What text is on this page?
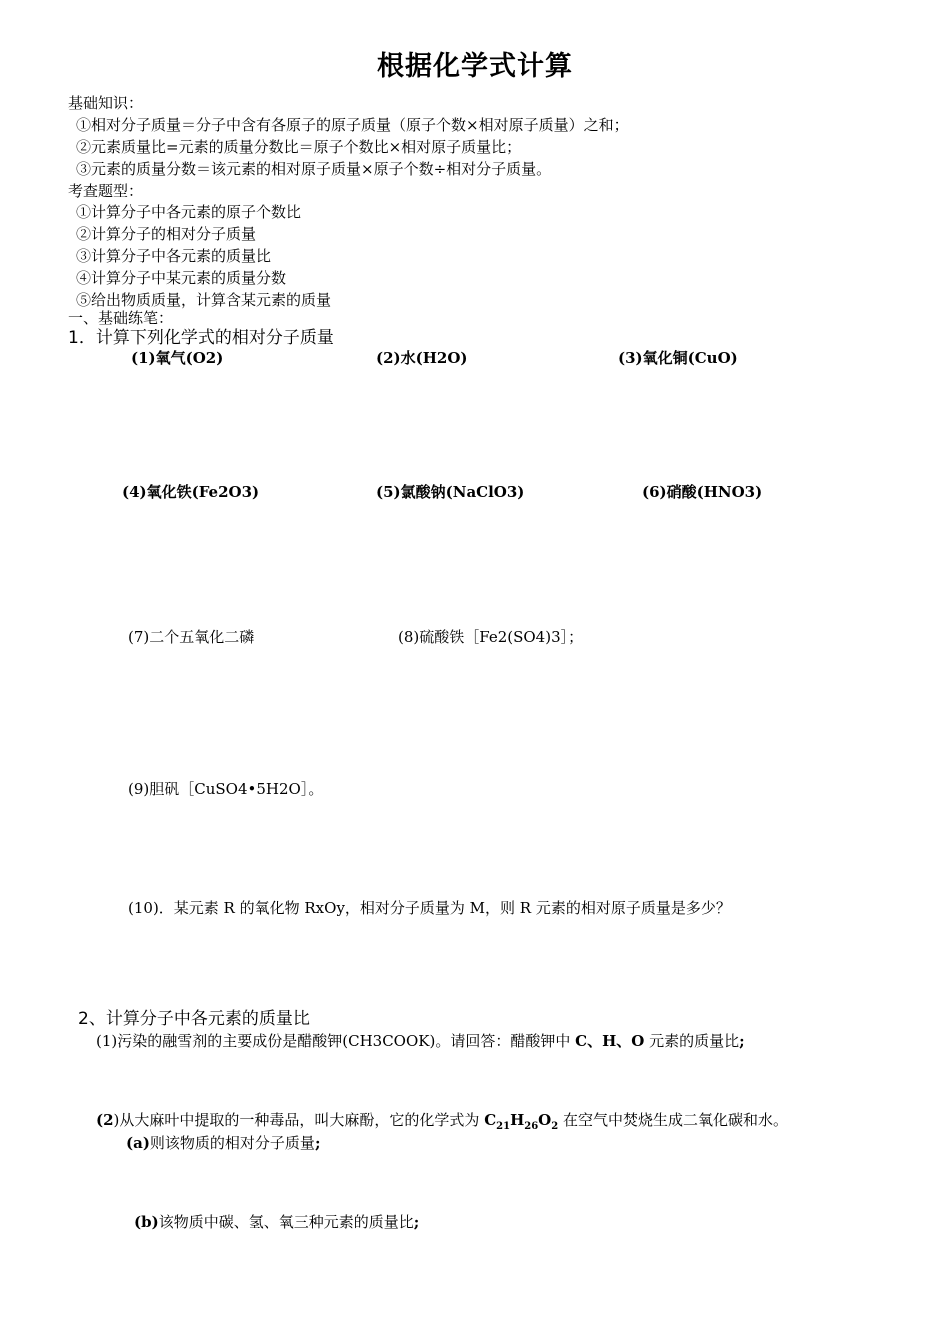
根据化学式计算
基础知识：
①相对分子质量＝分子中含有各原子的原子质量（原子个数×相对原子质量）之和；
②元素质量比=元素的质量分数比＝原子个数比×相对原子质量比；
③元素的质量分数＝该元素的相对原子质量×原子个数÷相对分子质量。
考查题型：
①计算分子中各元素的原子个数比
②计算分子的相对分子质量
③计算分子中各元素的质量比
④计算分子中某元素的质量分数
⑤给出物质质量，计算含某元素的质量
一、基础练笔：
1．计算下列化学式的相对分子质量
(1)氧气(O2)	(2)水(H2O)	(3)氧化铜(CuO)
(4)氧化铁(Fe2O3)	(5)氯酸钠(NaClO3)	(6)硝酸(HNO3)
(7)二个五氧化二磷	(8)硫酸铁［Fe2(SO4)3］；
(9)胆矾［CuSO4•5H2O］。
(10)．某元素 R 的氧化物 RxOy，相对分子质量为 M，则 R 元素的相对原子质量是多少？
2、计算分子中各元素的质量比
(1)污染的融雪剂的主要成份是醋酸钾(CH3COOK)。请回答：醋酸钾中 C、H、O 元素的质量比;
(2)从大麻叶中提取的一种毒品，叫大麻酚，它的化学式为 $C_{21}H_{26}O_2$ 在空气中焚烧生成二氧化碳和水。
(a)则该物质的相对分子质量;
(b)该物质中碳、氢、氧三种元素的质量比;
